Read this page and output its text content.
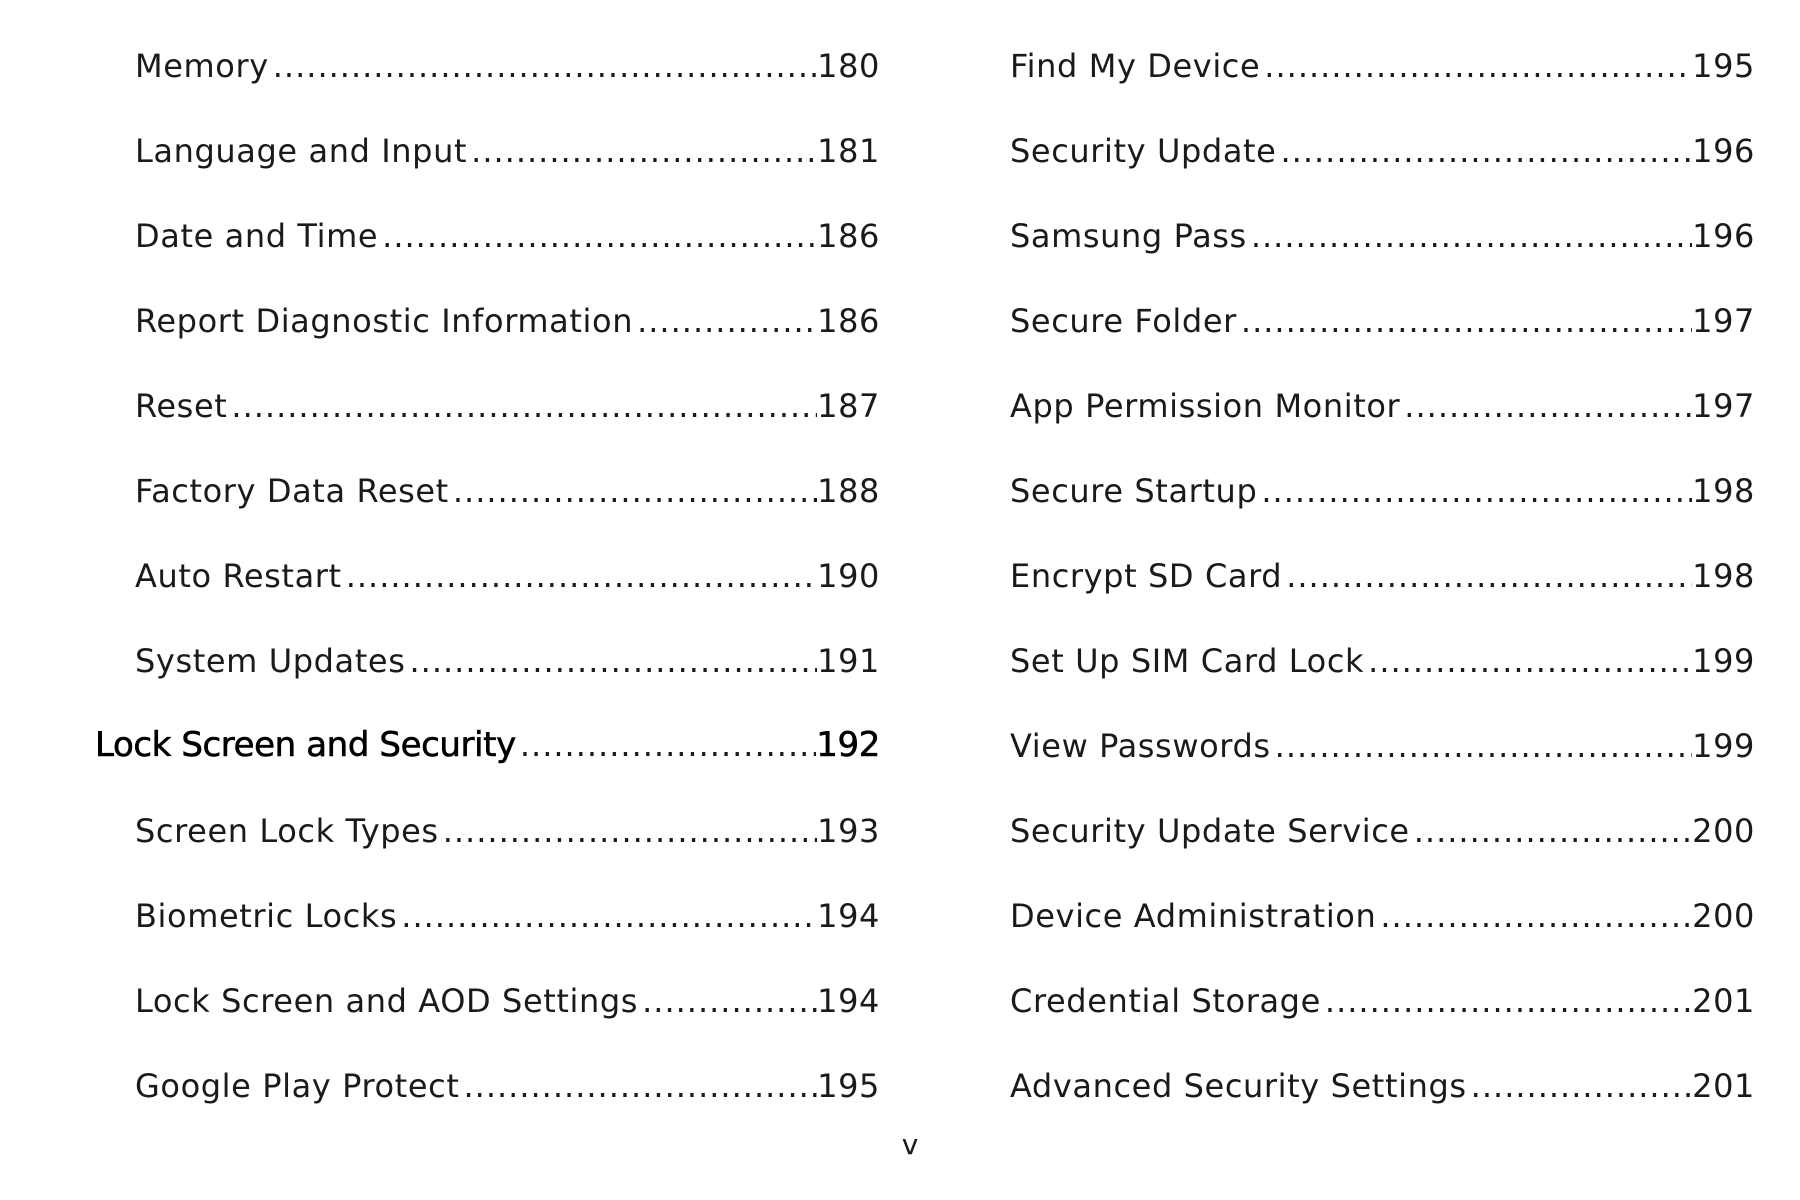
Memory .....	180
Language and Input .....	181
Date and Time .....	186
Report Diagnostic Information .....	186
Reset .....	187
Factory Data Reset .....	188
Auto Restart .....	190
System Updates .....	191
Lock Screen and Security .....	192
Screen Lock Types .....	193
Biometric Locks .....	194
Lock Screen and AOD Settings .....	194
Google Play Protect .....	195
Find My Device .....	195
Security Update .....	196
Samsung Pass .....	196
Secure Folder .....	197
App Permission Monitor .....	197
Secure Startup .....	198
Encrypt SD Card .....	198
Set Up SIM Card Lock .....	199
View Passwords .....	199
Security Update Service .....	200
Device Administration .....	200
Credential Storage .....	201
Advanced Security Settings .....	201
v
